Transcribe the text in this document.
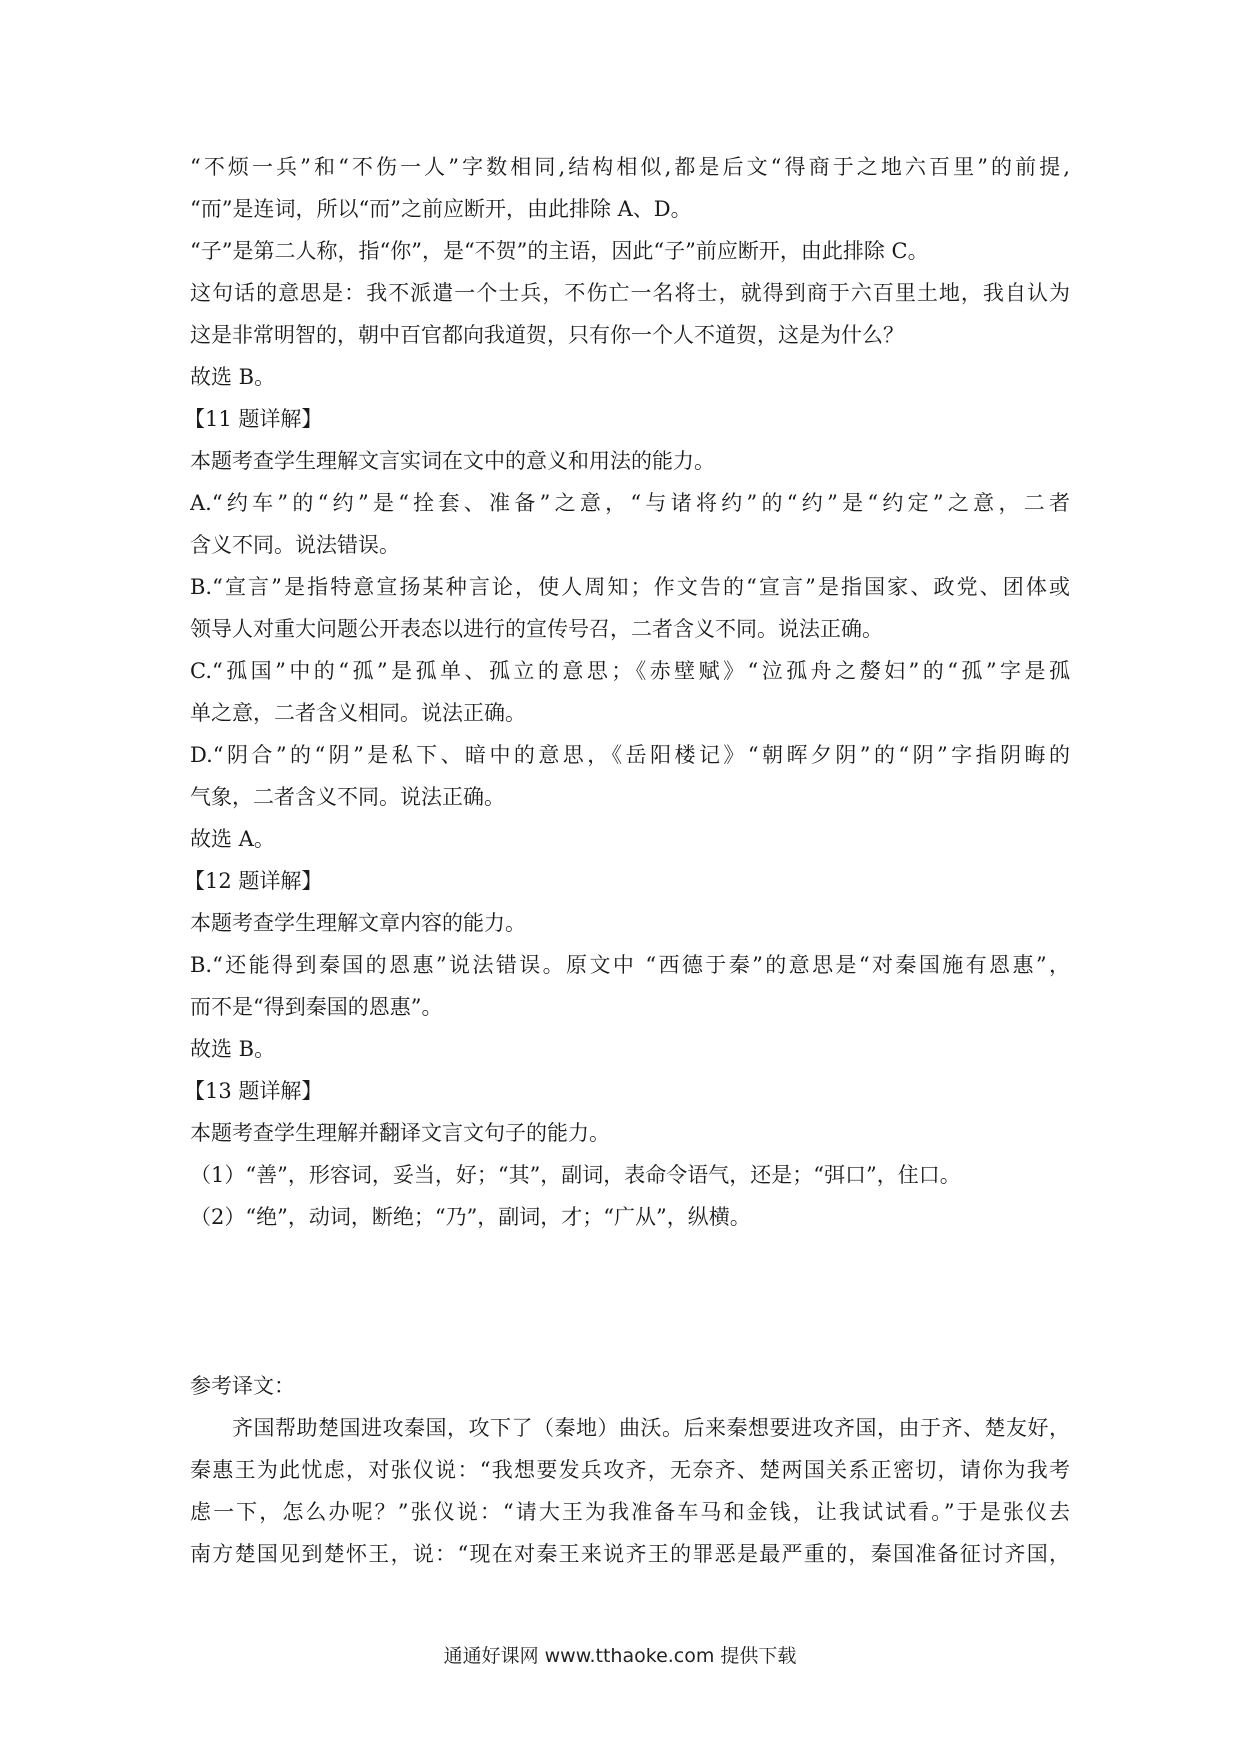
“不烦一兵”和“不伤一人”字数相同,结构相似,都是后文“得商于之地六百里”的前提,
“而”是连词，所以“而”之前应断开，由此排除 A、D。
“子”是第二人称，指“你”，是“不贺”的主语，因此“子”前应断开，由此排除 C。
这句话的意思是：我不派遣一个士兵，不伤亡一名将士，就得到商于六百里土地，我自认为
这是非常明智的，朝中百官都向我道贺，只有你一个人不道贺，这是为什么？
故选 B。
【11 题详解】
本题考查学生理解文言实词在文中的意义和用法的能力。
A.“约车”的“约”是“拴套、准备”之意，“与诸将约”的“约”是“约定”之意，二者
含义不同。说法错误。
B.“宣言”是指特意宣扬某种言论，使人周知；作文告的“宣言”是指国家、政党、团体或
领导人对重大问题公开表态以进行的宣传号召，二者含义不同。说法正确。
C.“孤国”中的“孤”是孤单、孤立的意思；《赤壁赋》“泣孤舟之嫠妇”的“孤”字是孤
单之意，二者含义相同。说法正确。
D.“阴合”的“阴”是私下、暗中的意思，《岳阳楼记》“朝晖夕阴”的“阴”字指阴晦的
气象，二者含义不同。说法正确。
故选 A。
【12 题详解】
本题考查学生理解文章内容的能力。
B.“还能得到秦国的恩惠”说法错误。原文中 “西德于秦”的意思是“对秦国施有恩惠”，
而不是“得到秦国的恩惠”。
故选 B。
【13 题详解】
本题考查学生理解并翻译文言文句子的能力。
（1）“善”，形容词，妥当，好；“其”，副词，表命令语气，还是；“弭口”，住口。
（2）“绝”，动词，断绝；“乃”，副词，才；“广从”，纵横。
参考译文：
齐国帮助楚国进攻秦国，攻下了（秦地）曲沃。后来秦想要进攻齐国，由于齐、楚友好，
秦惠王为此忧虑，对张仪说：“我想要发兵攻齐，无奈齐、楚两国关系正密切，请你为我考
虑一下，怎么办呢？”张仪说：“请大王为我准备车马和金钱，让我试试看。”于是张仪去
南方楚国见到楚怀王，说：“现在对秦王来说齐王的罪恶是最严重的，秦国准备征讨齐国，
通通好课网 www.tthaoke.com 提供下载
